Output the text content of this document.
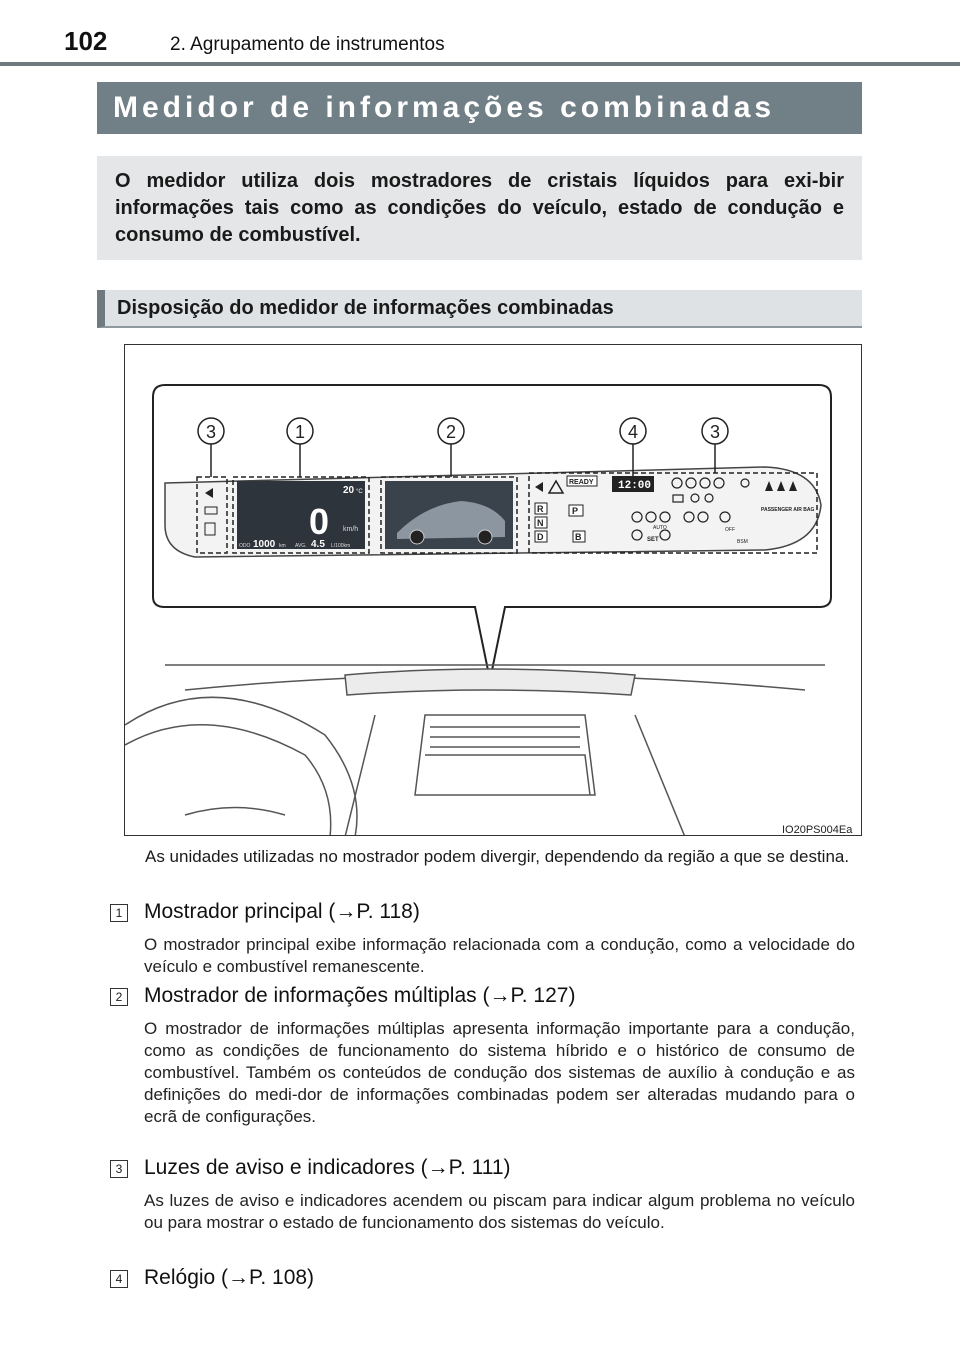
102	2. Agrupamento de instrumentos
Medidor de informações combinadas

O medidor utiliza dois mostradores de cristais líquidos para exi-bir informações tais como as condições do veículo, estado de condução e consumo de combustível.

Disposição do medidor de informações combinadas
0 km/h
20 °C
ODO 1000 km AVG. 4.5 L/100km
READY 12:00
R
N
D
P
B
AUTO
SET
OFF
BSM
PASSENGER AIR BAG
3	1	2	4	3
IO20PS004Ea

As unidades utilizadas no mostrador podem divergir, dependendo da região a que se destina.

1 Mostrador principal (→P. 118)
O mostrador principal exibe informação relacionada com a condução, como a velocidade do veículo e combustível remanescente.
2 Mostrador de informações múltiplas (→P. 127)
O mostrador de informações múltiplas apresenta informação importante para a condução, como as condições de funcionamento do sistema híbrido e o histórico de consumo de combustível. Também os conteúdos de condução dos sistemas de auxílio à condução e as definições do medi-dor de informações combinadas podem ser alteradas mudando para o ecrã de configurações.
3 Luzes de aviso e indicadores (→P. 111)
As luzes de aviso e indicadores acendem ou piscam para indicar algum problema no veículo ou para mostrar o estado de funcionamento dos sistemas do veículo.
4 Relógio (→P. 108)
